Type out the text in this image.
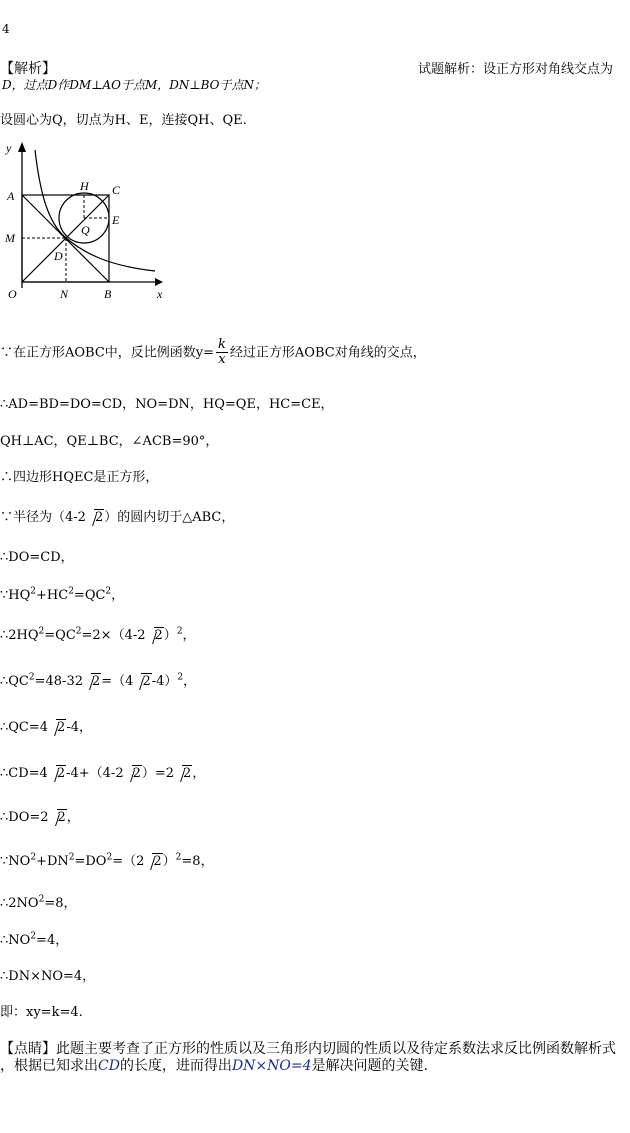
4
【解析】	试题解析：设正方形对角线交点为
D，过点D作DM⊥AO于点M，DN⊥BO于点N；
设圆心为Q，切点为H、E，连接QH、QE.
y
x
A	C
H
E
M
Q
D
O	N	B
∵在正方形AOBC中，反比例函数$y= \frac{k}{x}$ 经过正方形AOBC对角线的交点，
∴AD=BD=DO=CD，NO=DN，HQ=QE，HC=CE，
QH⊥AC，QE⊥BC，∠ACB=90°，
∴四边形HQEC是正方形，
∵半径为（4-2 2）的圆内切于△ABC，
∴DO=CD，
$\because HQ^2+HC^2=QC^2$，
$\therefore 2HQ^2=QC^2=2\times(4-2$ 2）$^2$，
$\therefore QC^2=48-32$ 2=（4 2-4）$^2$，
∴QC=4 2-4，
∴CD=4 2-4+（4-2 2）=2 2，
∴DO=2 2，
$\because NO^2+DN^2=DO^2=(2$ 2）$^2$=8，
$\therefore 2NO^2=8$，
$\therefore NO^2=4$，
∴DN×NO=4，
即：xy=k=4.
【点睛】此题主要考查了正方形的性质以及三角形内切圆的性质以及待定系数法求反比例函数解析式
，根据已知求出CD的长度，进而得出DN×NO=4是解决问题的关键.
